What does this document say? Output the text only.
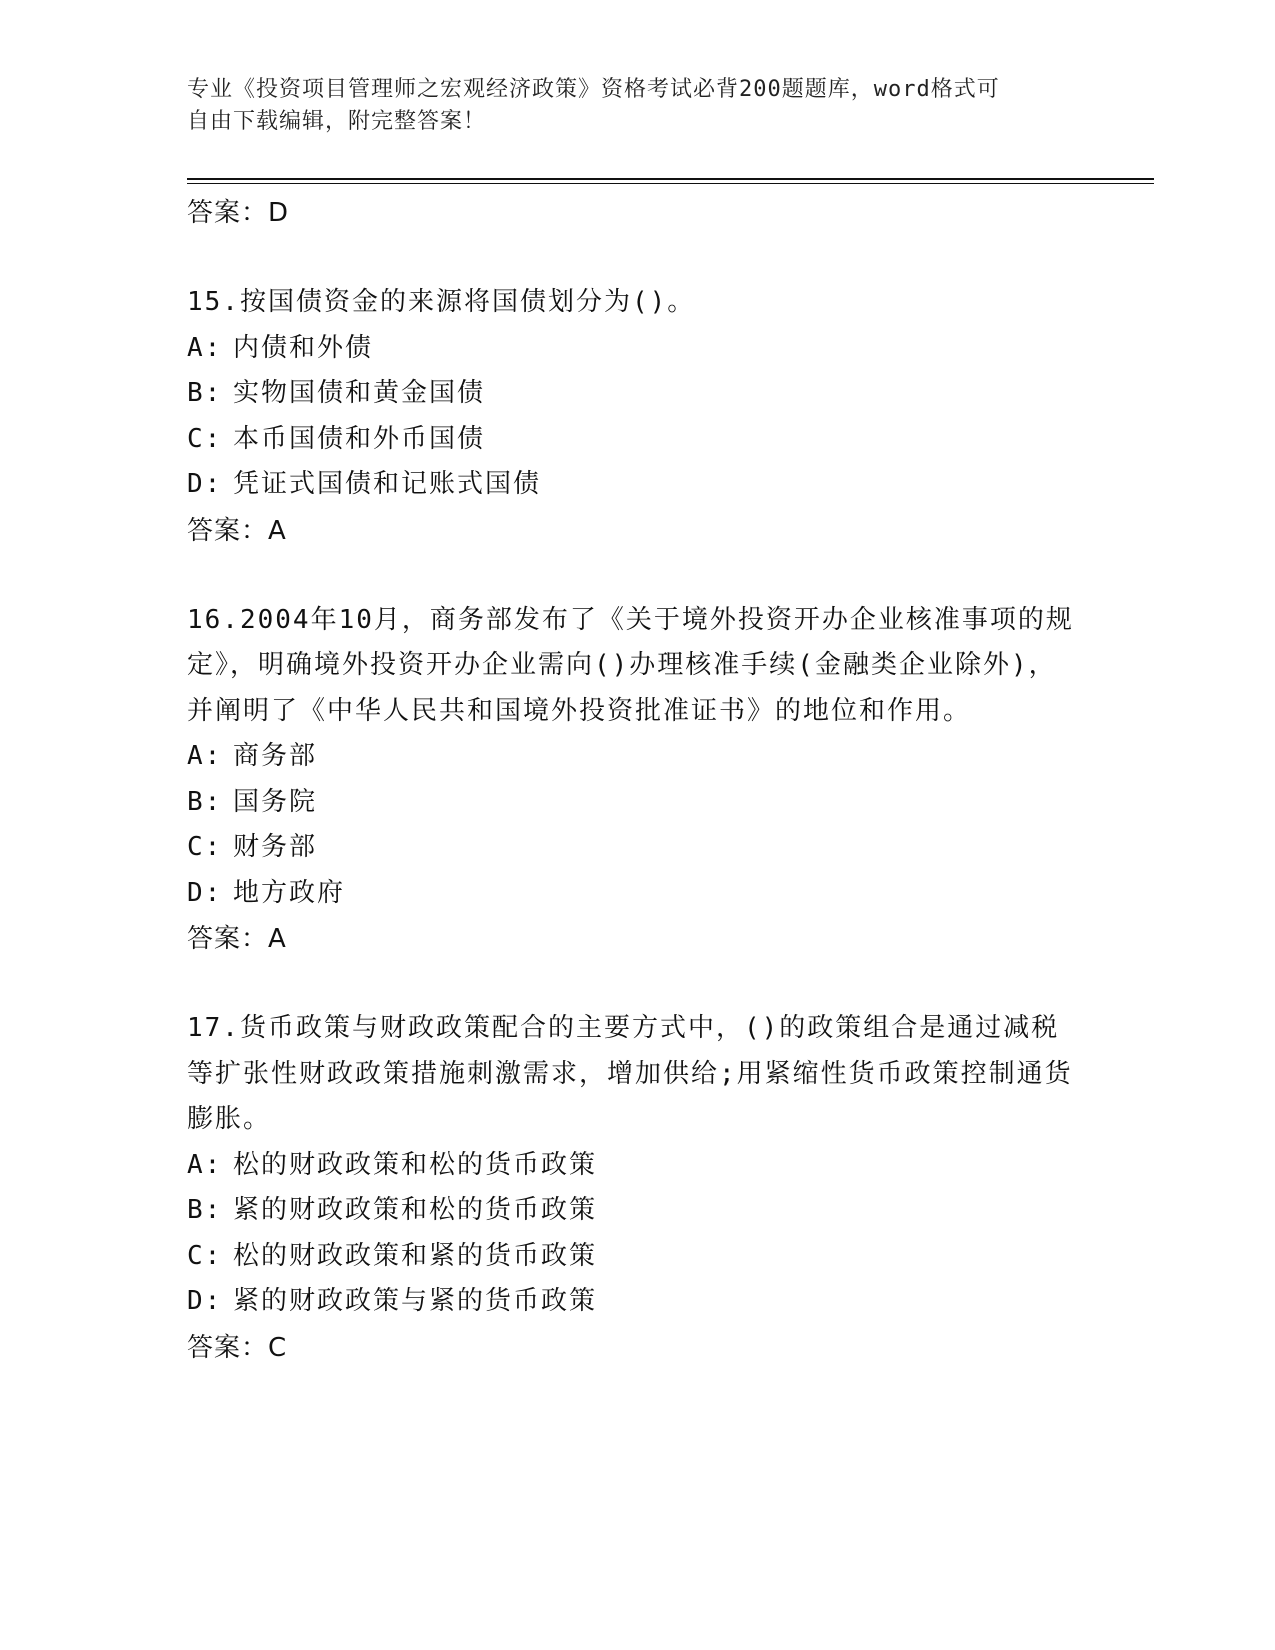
专业《投资项目管理师之宏观经济政策》资格考试必背200题题库，word格式可
自由下载编辑，附完整答案！
答案：D
15.按国债资金的来源将国债划分为()。
A: 内债和外债
B: 实物国债和黄金国债
C: 本币国债和外币国债
D: 凭证式国债和记账式国债
答案：A
16.2004年10月，商务部发布了《关于境外投资开办企业核准事项的规定》，明确境外投资开办企业需向()办理核准手续(金融类企业除外)，并阐明了《中华人民共和国境外投资批准证书》的地位和作用。
A: 商务部
B: 国务院
C: 财务部
D: 地方政府
答案：A
17.货币政策与财政政策配合的主要方式中，()的政策组合是通过减税等扩张性财政政策措施刺激需求，增加供给;用紧缩性货币政策控制通货膨胀。
A: 松的财政政策和松的货币政策
B: 紧的财政政策和松的货币政策
C: 松的财政政策和紧的货币政策
D: 紧的财政政策与紧的货币政策
答案：C
